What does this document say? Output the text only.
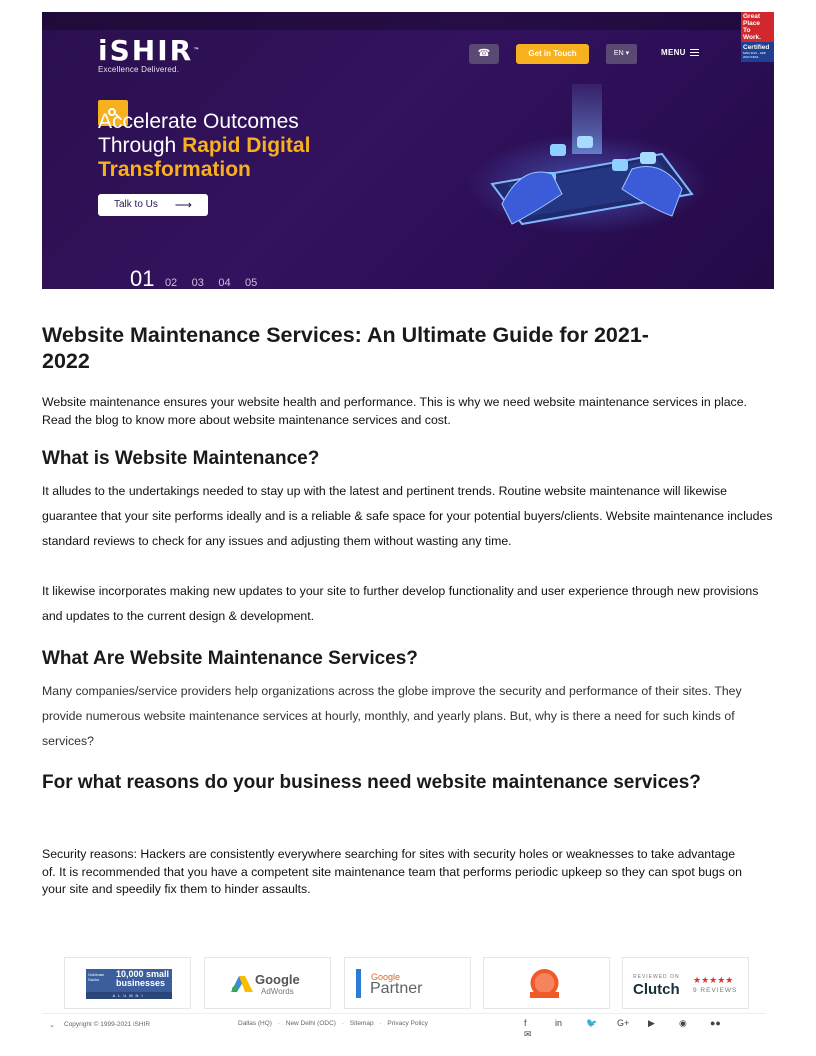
iSHIR™
Excellence Delivered.
☎	Get in Touch	EN ▾	MENU
Accelerate Outcomes
Through Rapid Digital
Transformation
Talk to Us ⟶
01 02 03 04 05
Great
Place
To
Work.
Certified
MAR 2021 - FEB 2022 INDIA
Website Maintenance Services: An Ultimate Guide for 2021-2022

Website maintenance ensures your website health and performance. This is why we need website maintenance services in place. Read the blog to know more about website maintenance services and cost.

What is Website Maintenance?

It alludes to the undertakings needed to stay up with the latest and pertinent trends. Routine website maintenance will likewise guarantee that your site performs ideally and is a reliable & safe space for your potential buyers/clients. Website maintenance includes standard reviews to check for any issues and adjusting them without wasting any time.

It likewise incorporates making new updates to your site to further develop functionality and user experience through new provisions and updates to the current design & development.

What Are Website Maintenance Services?

Many companies/service providers help organizations across the globe improve the security and performance of their sites. They provide numerous website maintenance services at hourly, monthly, and yearly plans. But, why is there a need for such kinds of services?

For what reasons do your business need website maintenance services?

Security reasons: Hackers are consistently everywhere searching for sites with security holes or weaknesses to take advantage of. It is recommended that you have a competent site maintenance team that performs periodic upkeep so they can spot bugs on your site and speedily fix them to hinder assaults.

Goldman Sachs
10,000 small businesses
ALUMNI
Google
AdWords
Google
Partner
REVIEWED ON
Clutch
★★★★★
9 REVIEWS
⌄ Copyright © 1999-2021 iSHIR	Dallas (HQ) · New Delhi (ODC) · Sitemap · Privacy Policy	f	in	🐦 G+ ▶	◉	●●✉
